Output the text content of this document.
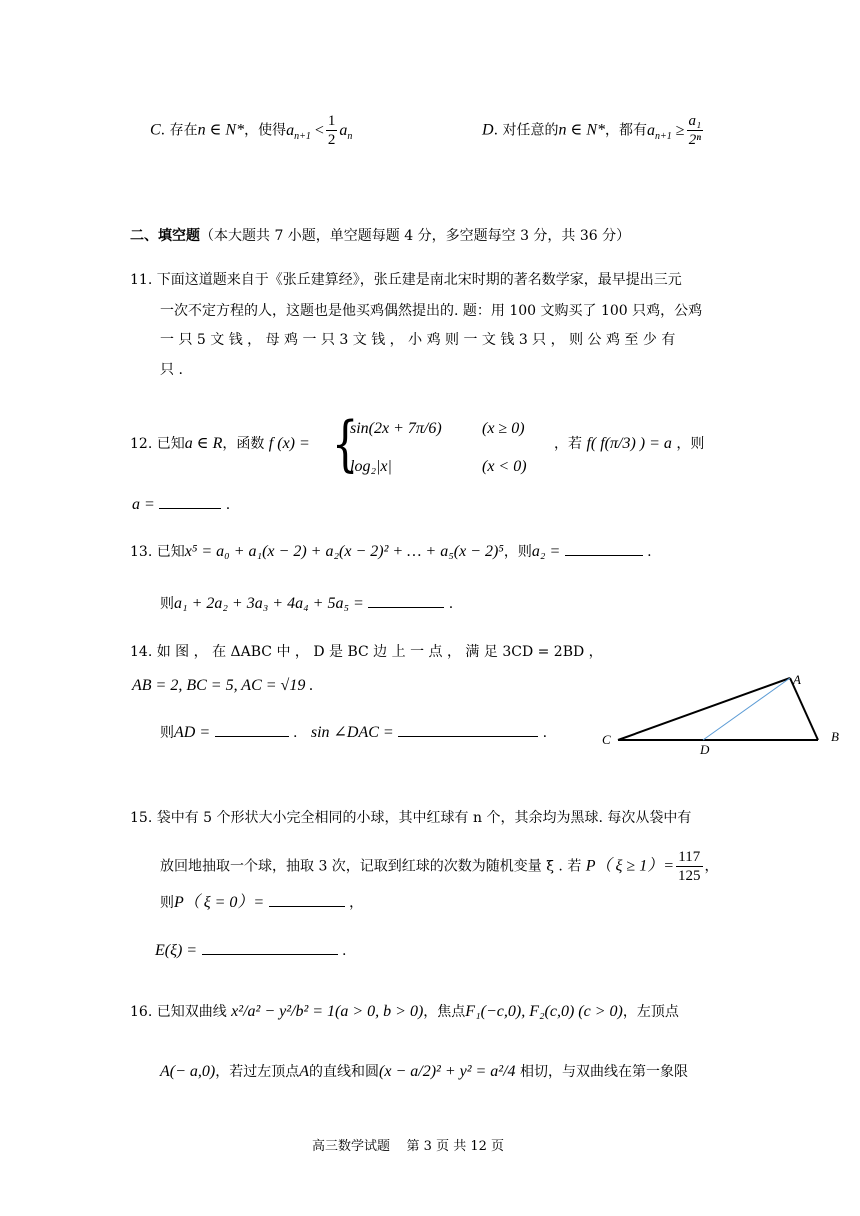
C. 存在n ∈ N*，使得$a_{n+1} < \frac{1}{2} a_n$	D. 对任意的n ∈ N*，都有$a_{n+1} \ge \frac{\text{a₁}}{\text{2ⁿ}}$
二、填空题（本大题共 7 小题，单空题每题 4 分，多空题每空 3 分，共 36 分）
11. 下面这道题来自于《张丘建算经》，张丘建是南北宋时期的著名数学家，最早提出三元
一次不定方程的人，这题也是他买鸡偶然提出的. 题：用 100 文购买了 100 只鸡，公鸡
一 只 5 文 钱 ， 母 鸡 一 只 3 文 钱 ， 小 鸡 则 一 文 钱 3 只 ， 则 公 鸡 至 少 有
只 .
12. 已知a ∈ R，函数 f (x) = {
sin(2x + 7π/6)	(x ≥ 0)
log₂|x|	(x < 0)
，若 f( f(π/3) ) = a ，则
a =	.
13. 已知x⁵ = a₀ + a₁(x − 2) + a₂(x − 2)² + … + a₅(x − 2)⁵，则a₂ =	.
则a₁ + 2a₂ + 3a₃ + 4a₄ + 5a₅ =	.
14. 如 图 ， 在 ΔABC 中 ， D 是 BC 边 上 一 点 ， 满 足 3CD = 2BD ，
AB = 2, BC = 5, AC = √19 .
则AD =	. sin ∠DAC =	.
A
B
C
D
15. 袋中有 5 个形状大小完全相同的小球，其中红球有 n 个，其余均为黑球. 每次从袋中有
放回地抽取一个球，抽取 3 次，记取到红球的次数为随机变量 ξ . 若 P（ $\xi \ge 1)= \frac{117}{125}$ ，
则P（ ξ = 0）=	，
E(ξ) =	.
16. 已知双曲线 x²/a² − y²/b² = 1(a > 0, b > 0)，焦点F₁(−c,0), F₂(c,0) (c > 0)，左顶点
A(− a,0)，若过左顶点A的直线和圆(x − a/2)² + y² = a²/4 相切，与双曲线在第一象限
高三数学试题 第 3 页 共 12 页
